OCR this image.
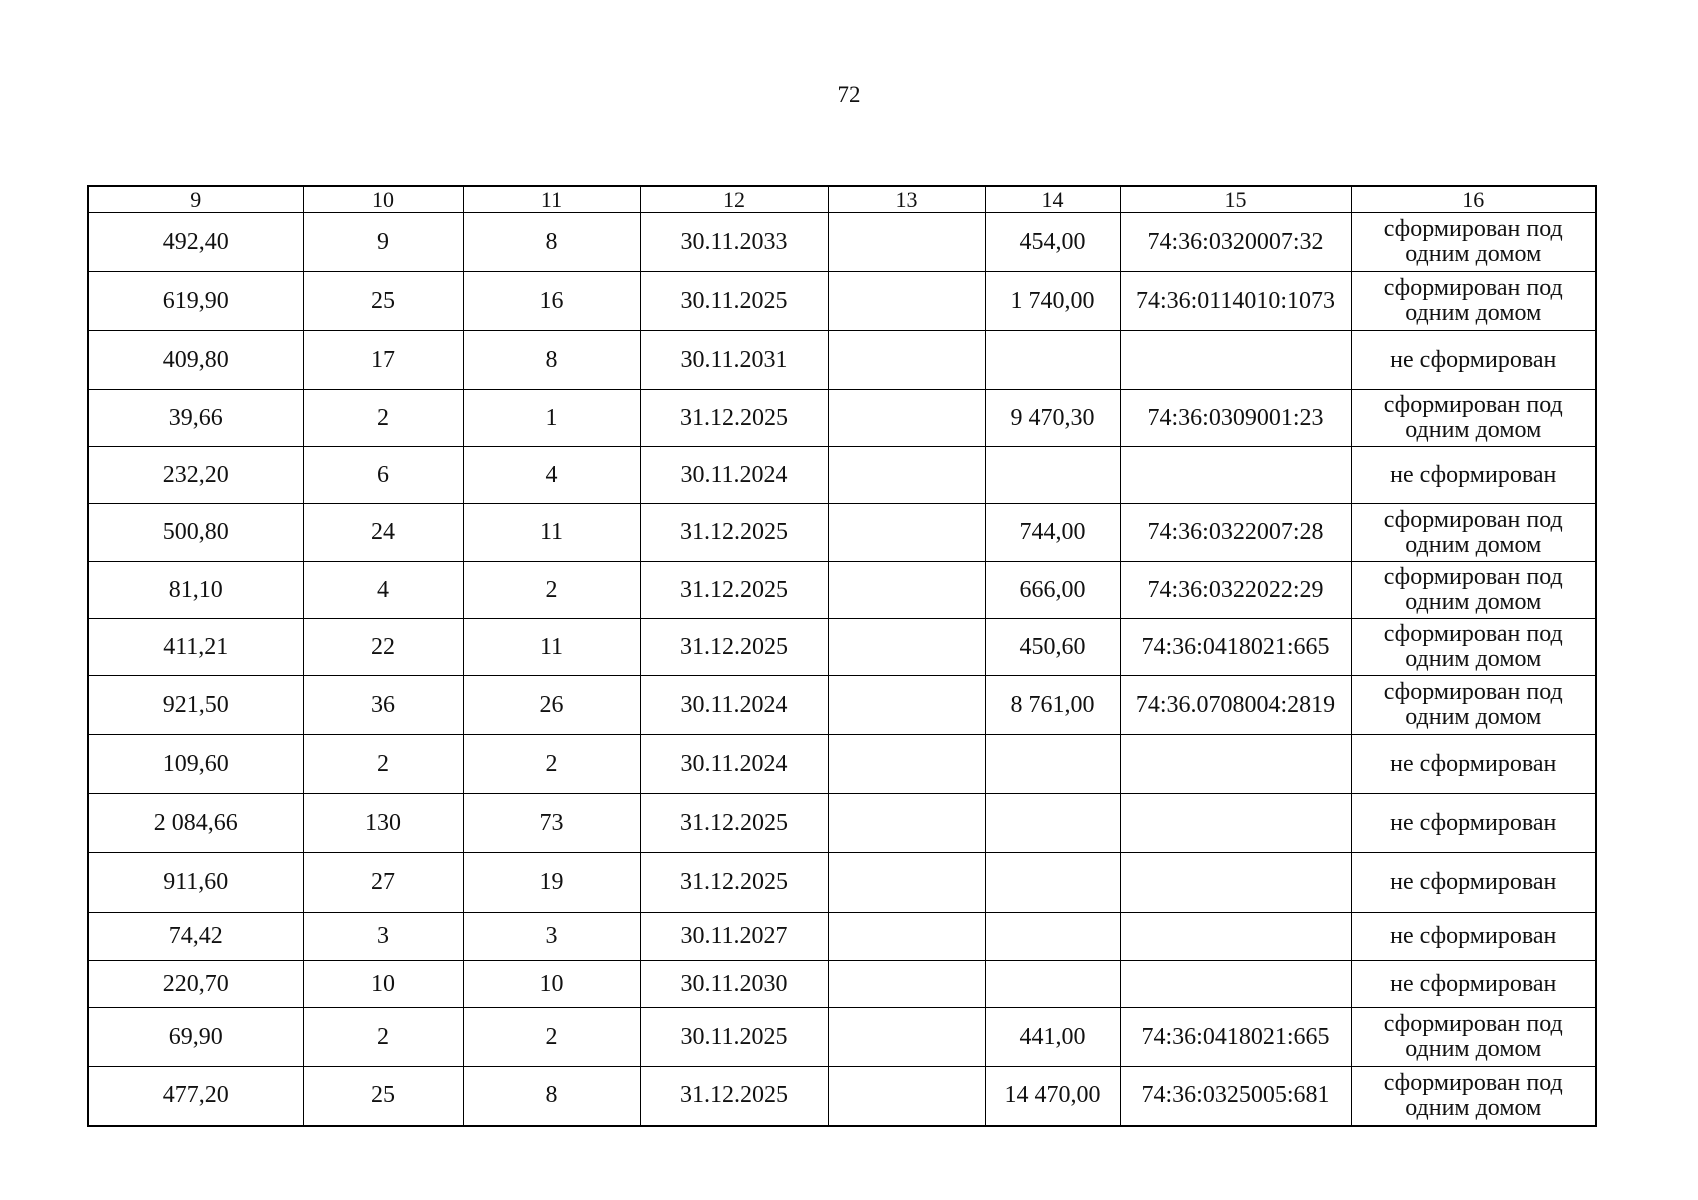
72
9	10	11	12	13	14	15	16
492,40	9	8	30.11.2033		454,00	74:36:0320007:32	сформирован под одним домом
619,90	25	16	30.11.2025		1 740,00	74:36:0114010:1073	сформирован под одним домом
409,80	17	8	30.11.2031				не сформирован
39,66	2	1	31.12.2025		9 470,30	74:36:0309001:23	сформирован под одним домом
232,20	6	4	30.11.2024				не сформирован
500,80	24	11	31.12.2025		744,00	74:36:0322007:28	сформирован под одним домом
81,10	4	2	31.12.2025		666,00	74:36:0322022:29	сформирован под одним домом
411,21	22	11	31.12.2025		450,60	74:36:0418021:665	сформирован под одним домом
921,50	36	26	30.11.2024		8 761,00	74:36.0708004:2819	сформирован под одним домом
109,60	2	2	30.11.2024				не сформирован
2 084,66	130	73	31.12.2025				не сформирован
911,60	27	19	31.12.2025				не сформирован
74,42	3	3	30.11.2027				не сформирован
220,70	10	10	30.11.2030				не сформирован
69,90	2	2	30.11.2025		441,00	74:36:0418021:665	сформирован под одним домом
477,20	25	8	31.12.2025		14 470,00	74:36:0325005:681	сформирован под одним домом
